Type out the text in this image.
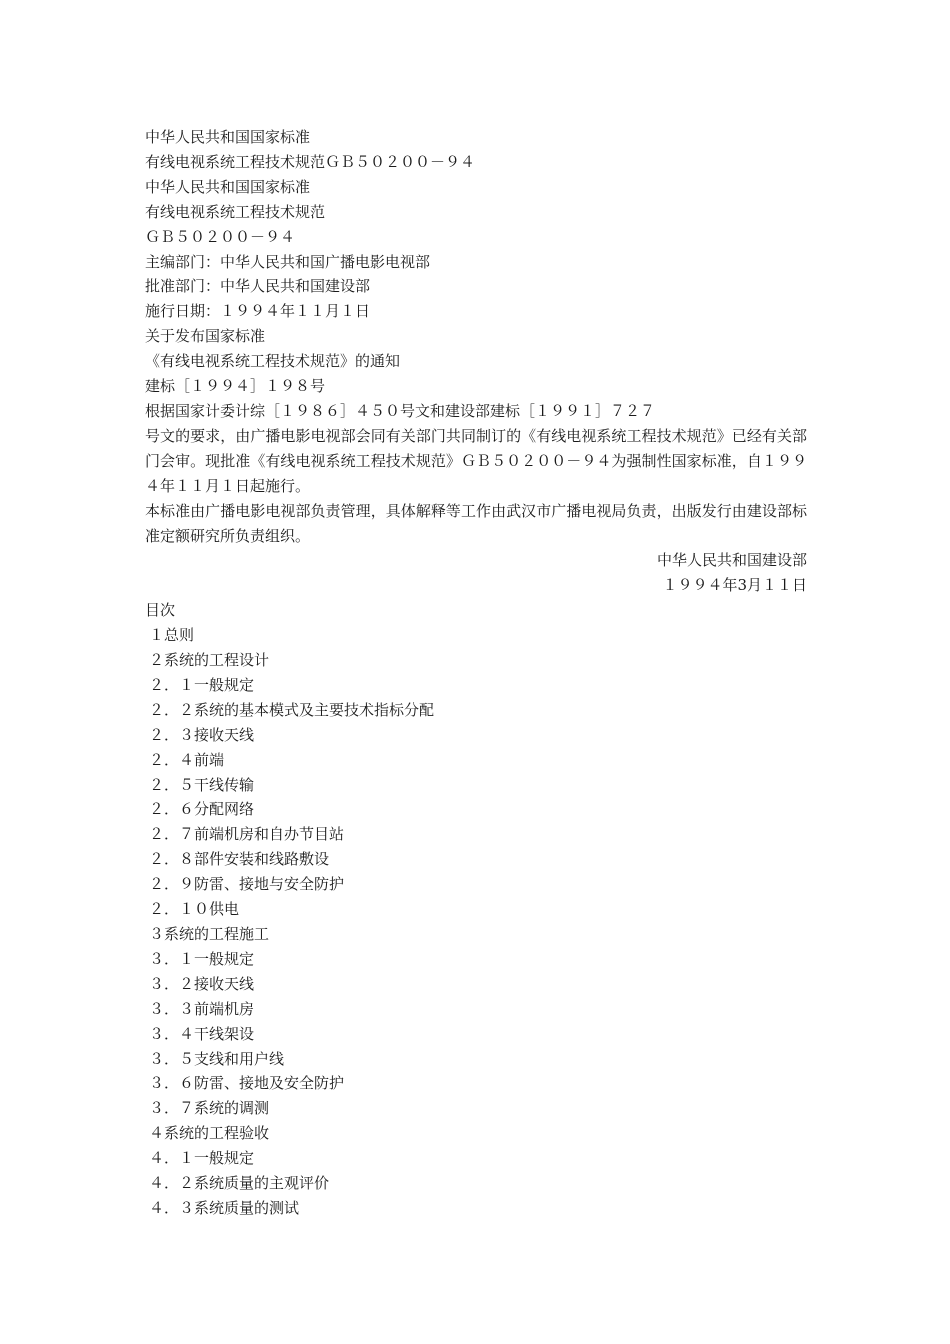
中华人民共和国国家标准
有线电视系统工程技术规范ＧＢ５０２００－９４
中华人民共和国国家标准
有线电视系统工程技术规范
ＧＢ５０２００－９４
主编部门：中华人民共和国广播电影电视部
批准部门：中华人民共和国建设部
施行日期：１９９４年１１月１日
关于发布国家标准
《有线电视系统工程技术规范》的通知
建标［１９９４］１９８号
根据国家计委计综［１９８６］４５０号文和建设部建标［１９９１］７２７
号文的要求，由广播电影电视部会同有关部门共同制订的《有线电视系统工程技术规范》已经有关部门会审。现批准《有线电视系统工程技术规范》ＧＢ５０２００－９４为强制性国家标准，自１９９４年１１月１日起施行。
本标准由广播电影电视部负责管理，具体解释等工作由武汉市广播电视局负责，出版发行由建设部标准定额研究所负责组织。
中华人民共和国建设部
１９９４年3月１１日
目次
１总则
２系统的工程设计
２．１一般规定
２．２系统的基本模式及主要技术指标分配
２．３接收天线
２．４前端
２．５干线传输
２．６分配网络
２．７前端机房和自办节目站
２．８部件安装和线路敷设
２．９防雷、接地与安全防护
２．１０供电
３系统的工程施工
３．１一般规定
３．２接收天线
３．３前端机房
３．４干线架设
３．５支线和用户线
３．６防雷、接地及安全防护
３．７系统的调测
４系统的工程验收
４．１一般规定
４．２系统质量的主观评价
４．３系统质量的测试
